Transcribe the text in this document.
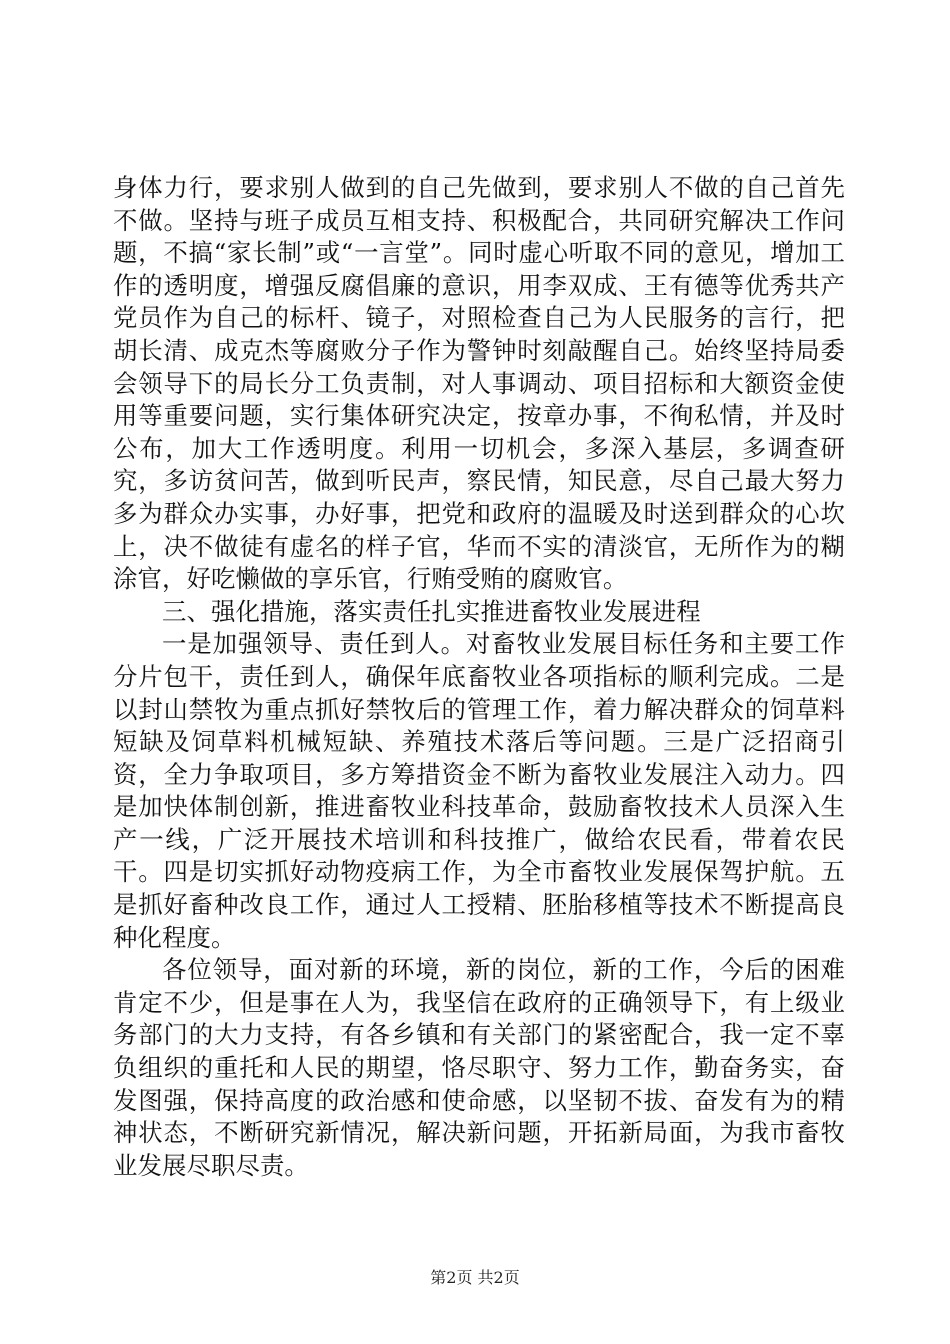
身体力行，要求别人做到的自己先做到，要求别人不做的自己首先不做。坚持与班子成员互相支持、积极配合，共同研究解决工作问题，不搞“家长制”或“一言堂”。同时虚心听取不同的意见，增加工作的透明度，增强反腐倡廉的意识，用李双成、王有德等优秀共产党员作为自己的标杆、镜子，对照检查自己为人民服务的言行，把胡长清、成克杰等腐败分子作为警钟时刻敲醒自己。始终坚持局委会领导下的局长分工负责制，对人事调动、项目招标和大额资金使用等重要问题，实行集体研究决定，按章办事，不徇私情，并及时公布，加大工作透明度。利用一切机会，多深入基层，多调查研究，多访贫问苦，做到听民声，察民情，知民意，尽自己最大努力多为群众办实事，办好事，把党和政府的温暖及时送到群众的心坎上，决不做徒有虚名的样子官，华而不实的清淡官，无所作为的糊涂官，好吃懒做的享乐官，行贿受贿的腐败官。

三、强化措施，落实责任扎实推进畜牧业发展进程

一是加强领导、责任到人。对畜牧业发展目标任务和主要工作分片包干，责任到人，确保年底畜牧业各项指标的顺利完成。二是以封山禁牧为重点抓好禁牧后的管理工作，着力解决群众的饲草料短缺及饲草料机械短缺、养殖技术落后等问题。三是广泛招商引资，全力争取项目，多方筹措资金不断为畜牧业发展注入动力。四是加快体制创新，推进畜牧业科技革命，鼓励畜牧技术人员深入生产一线，广泛开展技术培训和科技推广，做给农民看，带着农民干。四是切实抓好动物疫病工作，为全市畜牧业发展保驾护航。五是抓好畜种改良工作，通过人工授精、胚胎移植等技术不断提高良种化程度。

各位领导，面对新的环境，新的岗位，新的工作，今后的困难肯定不少，但是事在人为，我坚信在政府的正确领导下，有上级业务部门的大力支持，有各乡镇和有关部门的紧密配合，我一定不辜负组织的重托和人民的期望，恪尽职守、努力工作，勤奋务实，奋发图强，保持高度的政治感和使命感，以坚韧不拔、奋发有为的精神状态，不断研究新情况，解决新问题，开拓新局面，为我市畜牧业发展尽职尽责。

第2页 共2页
